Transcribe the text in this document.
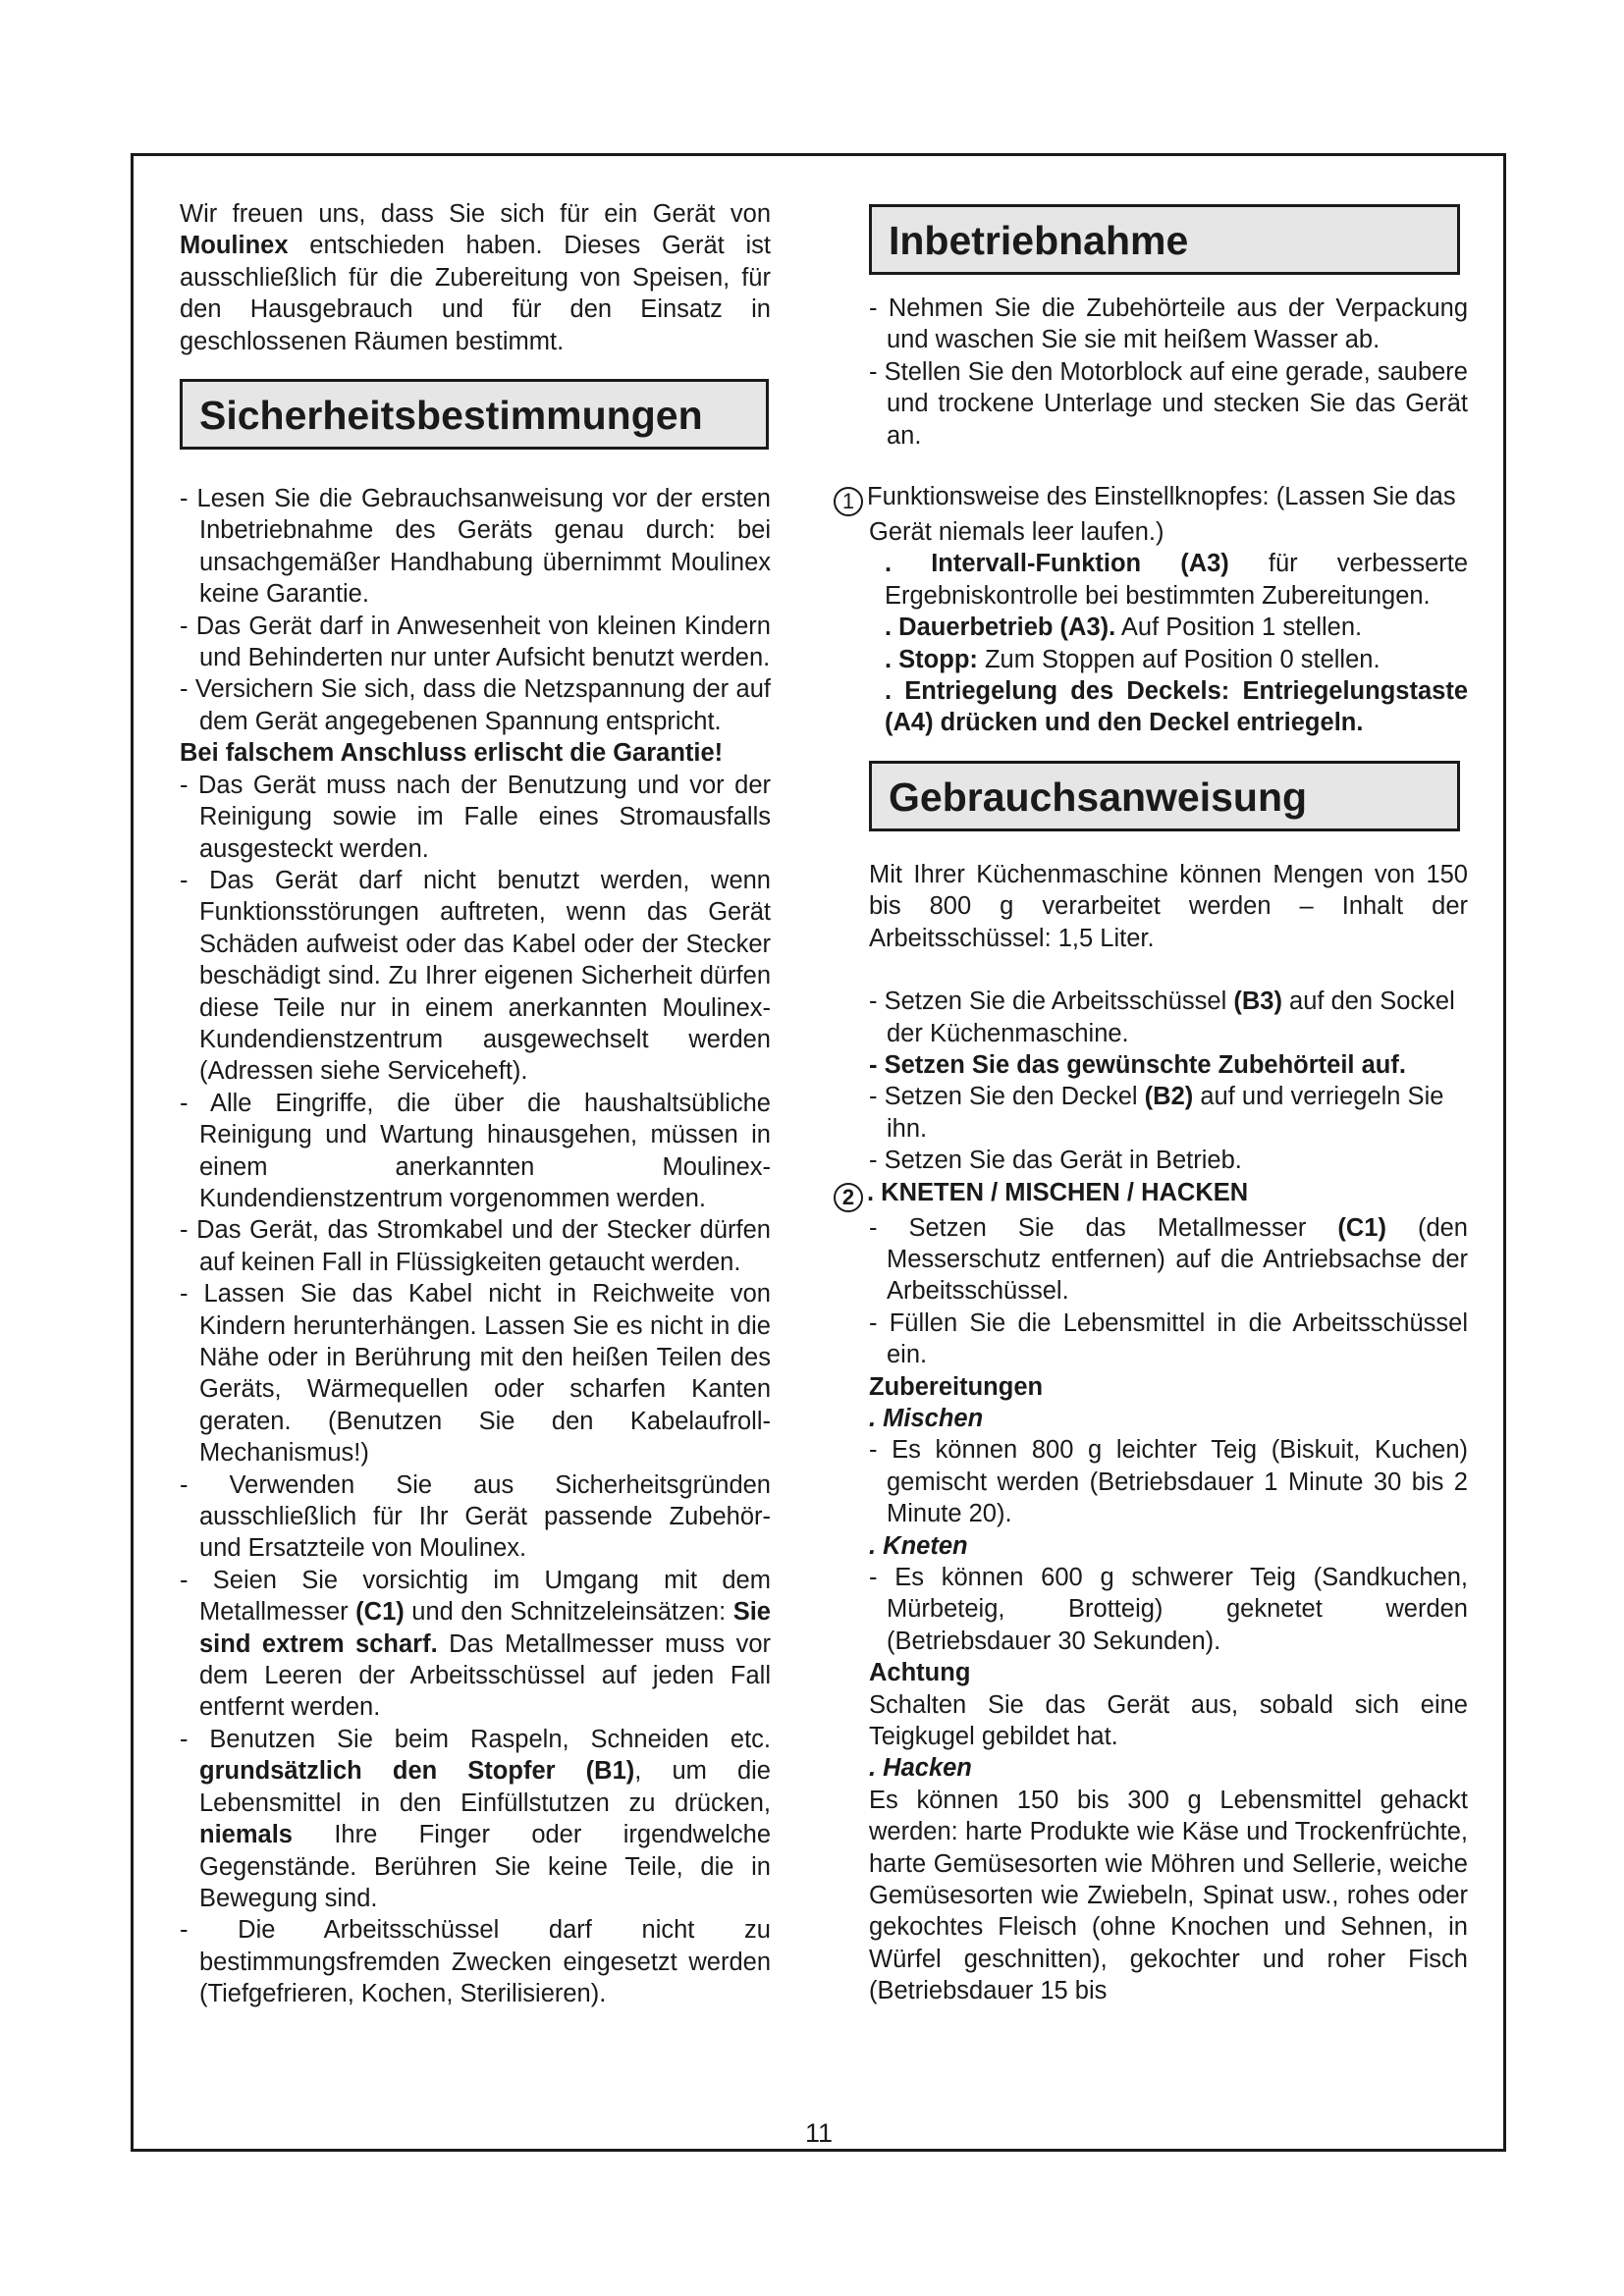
Wir freuen uns, dass Sie sich für ein Gerät von Moulinex entschieden haben. Dieses Gerät ist ausschließlich für die Zubereitung von Speisen, für den Hausgebrauch und für den Einsatz in geschlossenen Räumen bestimmt.

Sicherheitsbestimmungen

- Lesen Sie die Gebrauchsanweisung vor der ersten Inbetriebnahme des Geräts genau durch: bei unsachgemäßer Handhabung übernimmt Moulinex keine Garantie.

- Das Gerät darf in Anwesenheit von kleinen Kindern und Behinderten nur unter Aufsicht benutzt werden.

- Versichern Sie sich, dass die Netzspannung der auf dem Gerät angegebenen Spannung entspricht.

Bei falschem Anschluss erlischt die Garantie!

- Das Gerät muss nach der Benutzung und vor der Reinigung sowie im Falle eines Stromausfalls ausgesteckt werden.

- Das Gerät darf nicht benutzt werden, wenn Funktionsstörungen auftreten, wenn das Gerät Schäden aufweist oder das Kabel oder der Stecker beschädigt sind. Zu Ihrer eigenen Sicherheit dürfen diese Teile nur in einem anerkannten Moulinex-Kundendienstzentrum ausgewechselt werden (Adressen siehe Serviceheft).

- Alle Eingriffe, die über die haushaltsübliche Reinigung und Wartung hinausgehen, müssen in einem anerkannten Moulinex-Kundendienstzentrum vorgenommen werden.

- Das Gerät, das Stromkabel und der Stecker dürfen auf keinen Fall in Flüssigkeiten getaucht werden.

- Lassen Sie das Kabel nicht in Reichweite von Kindern herunterhängen. Lassen Sie es nicht in die Nähe oder in Berührung mit den heißen Teilen des Geräts, Wärmequellen oder scharfen Kanten geraten. (Benutzen Sie den Kabelaufroll-Mechanismus!)

- Verwenden Sie aus Sicherheitsgründen ausschließlich für Ihr Gerät passende Zubehör- und Ersatzteile von Moulinex.

- Seien Sie vorsichtig im Umgang mit dem Metallmesser (C1) und den Schnitzeleinsätzen: Sie sind extrem scharf. Das Metallmesser muss vor dem Leeren der Arbeitsschüssel auf jeden Fall entfernt werden.

- Benutzen Sie beim Raspeln, Schneiden etc. grundsätzlich den Stopfer (B1), um die Lebensmittel in den Einfüllstutzen zu drücken, niemals Ihre Finger oder irgendwelche Gegenstände. Berühren Sie keine Teile, die in Bewegung sind.

- Die Arbeitsschüssel darf nicht zu bestimmungsfremden Zwecken eingesetzt werden (Tiefgefrieren, Kochen, Sterilisieren).

Inbetriebnahme

- Nehmen Sie die Zubehörteile aus der Verpackung und waschen Sie sie mit heißem Wasser ab.

- Stellen Sie den Motorblock auf eine gerade, saubere und trockene Unterlage und stecken Sie das Gerät an.

1 Funktionsweise des Einstellknopfes: (Lassen Sie das Gerät niemals leer laufen.)

. Intervall-Funktion (A3) für verbesserte Ergebniskontrolle bei bestimmten Zubereitungen.

. Dauerbetrieb (A3). Auf Position 1 stellen.

. Stopp: Zum Stoppen auf Position 0 stellen.

. Entriegelung des Deckels: Entriegelungstaste (A4) drücken und den Deckel entriegeln.

Gebrauchsanweisung

Mit Ihrer Küchenmaschine können Mengen von 150 bis 800 g verarbeitet werden – Inhalt der Arbeitsschüssel: 1,5 Liter.

- Setzen Sie die Arbeitsschüssel (B3) auf den Sockel der Küchenmaschine.

- Setzen Sie das gewünschte Zubehörteil auf.

- Setzen Sie den Deckel (B2) auf und verriegeln Sie ihn.

- Setzen Sie das Gerät in Betrieb.

2 . KNETEN / MISCHEN / HACKEN

- Setzen Sie das Metallmesser (C1) (den Messerschutz entfernen) auf die Antriebsachse der Arbeitsschüssel.

- Füllen Sie die Lebensmittel in die Arbeitsschüssel ein.

Zubereitungen

. Mischen

- Es können 800 g leichter Teig (Biskuit, Kuchen) gemischt werden (Betriebsdauer 1 Minute 30 bis 2 Minute 20).

. Kneten

- Es können 600 g schwerer Teig (Sandkuchen, Mürbeteig, Brotteig) geknetet werden (Betriebsdauer 30 Sekunden).

Achtung

Schalten Sie das Gerät aus, sobald sich eine Teigkugel gebildet hat.

. Hacken

Es können 150 bis 300 g Lebensmittel gehackt werden: harte Produkte wie Käse und Trockenfrüchte, harte Gemüsesorten wie Möhren und Sellerie, weiche Gemüsesorten wie Zwiebeln, Spinat usw., rohes oder gekochtes Fleisch (ohne Knochen und Sehnen, in Würfel geschnitten), gekochter und roher Fisch (Betriebsdauer 15 bis

11
